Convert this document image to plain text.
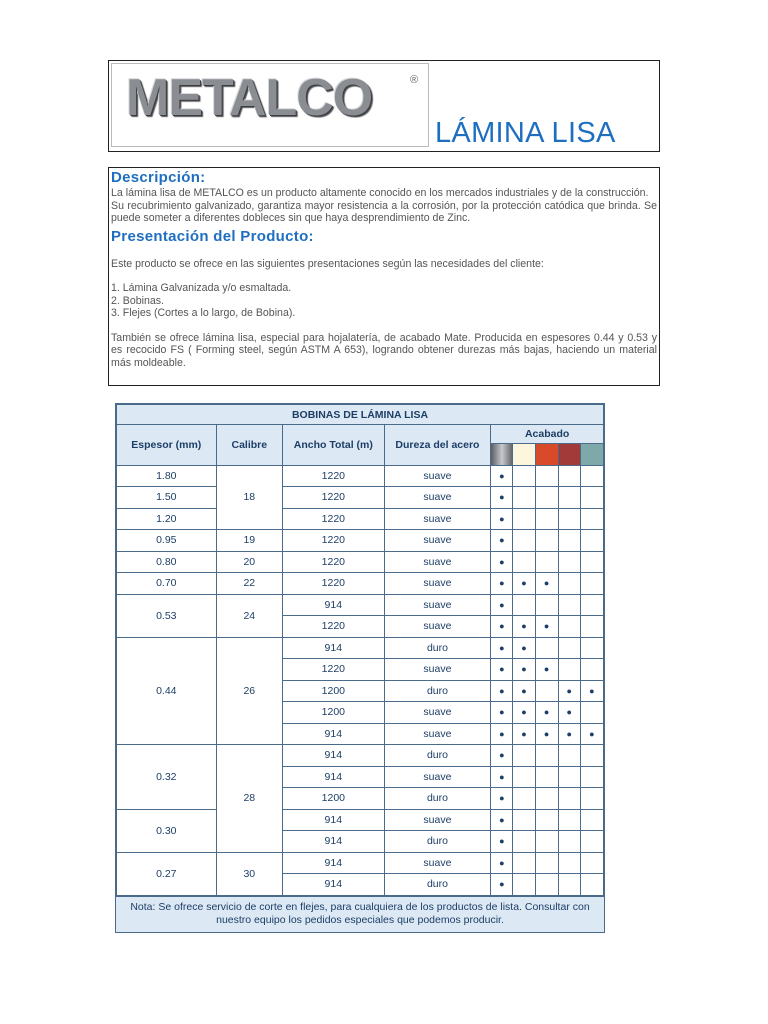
METALCO	®
LÁMINA LISA
Descripción:

La lámina lisa de METALCO es un producto altamente conocido en los mercados industriales y de la construcción.

Su recubrimiento galvanizado, garantiza mayor resistencia a la corrosión, por la protección catódica que brinda. Se puede someter a diferentes dobleces sin que haya desprendimiento de Zinc.

Presentación del Producto:

Este producto se ofrece en las siguientes presentaciones según las necesidades del cliente:

1. Lámina Galvanizada y/o esmaltada.

2. Bobinas.

3. Flejes (Cortes a lo largo, de Bobina).

También se ofrece lámina lisa, especial para hojalatería, de acabado Mate. Producida en espesores 0.44 y 0.53 y es recocido FS ( Forming steel, según ASTM A 653), logrando obtener durezas más bajas, haciendo un material más moldeable.

BOBINAS DE LÁMINA LISA								
Espesor (mm)	Calibre	Ancho Total (m)	Dureza del acero	Acabado				

1.80	18	1220	suave	●				
1.50		1220	suave	●				
1.20		1220	suave	●				
0.95	19	1220	suave	●				
0.80	20	1220	suave	●				
0.70	22	1220	suave	●	●	●		
0.53	24	914	suave	●				
		1220	suave	●	●	●		
0.44	26	914	duro	●	●			
		1220	suave	●	●	●		
		1200	duro	●	●		●	●
		1200	suave	●	●	●	●	
		914	suave	●	●	●	●	●
0.32	28	914	duro	●				
		914	suave	●				
		1200	duro	●				
0.30		914	suave	●				
		914	duro	●				
0.27	30	914	suave	●				
		914	duro	●				
Nota: Se ofrece servicio de corte en flejes, para cualquiera de los productos de lista. Consultar con nuestro equipo los pedidos especiales que podemos producir.
